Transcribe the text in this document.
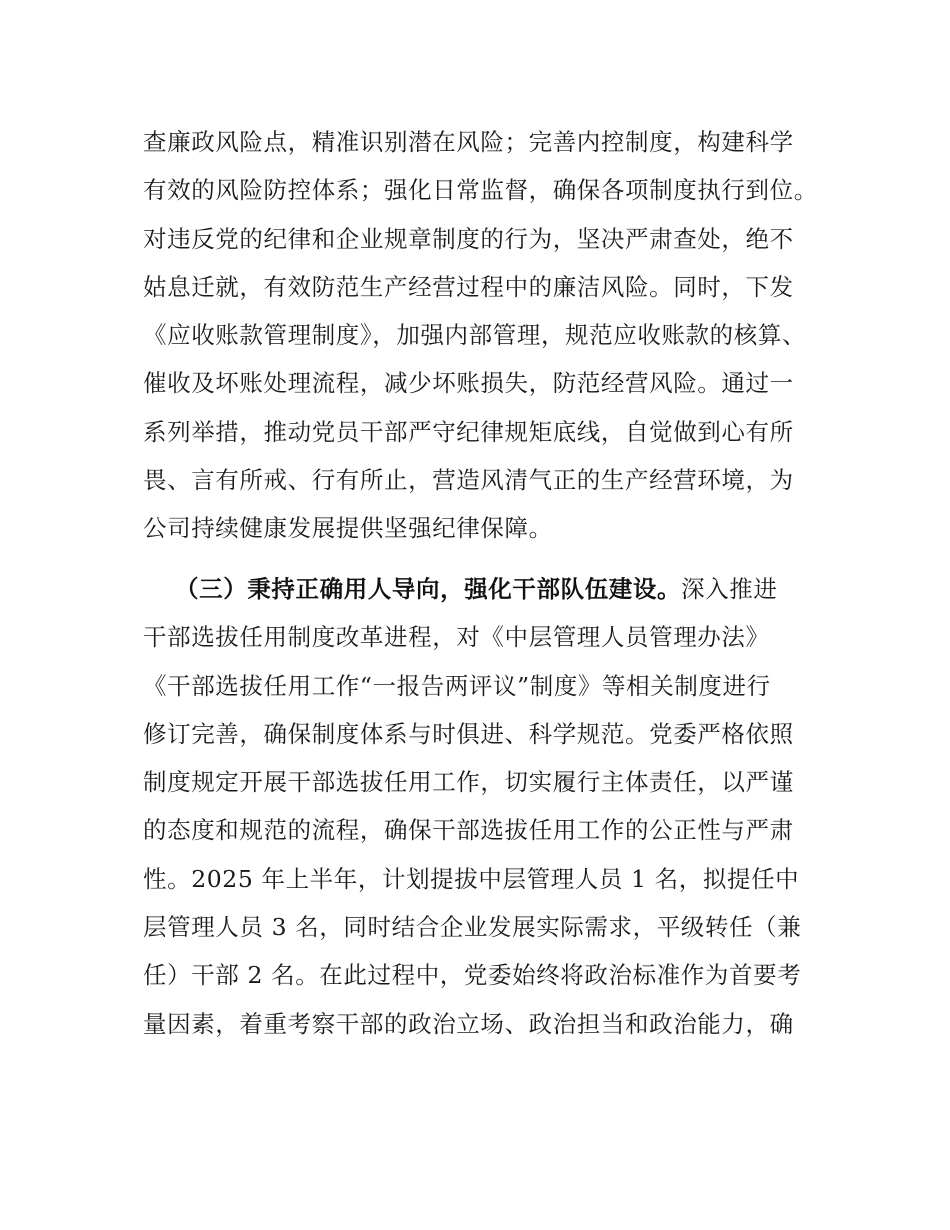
查廉政风险点，精准识别潜在风险；完善内控制度，构建科学
有效的风险防控体系；强化日常监督，确保各项制度执行到位。
对违反党的纪律和企业规章制度的行为，坚决严肃查处，绝不
姑息迁就，有效防范生产经营过程中的廉洁风险。同时，下发
《应收账款管理制度》，加强内部管理，规范应收账款的核算、
催收及坏账处理流程，减少坏账损失，防范经营风险。通过一
系列举措，推动党员干部严守纪律规矩底线，自觉做到心有所
畏、言有所戒、行有所止，营造风清气正的生产经营环境，为
公司持续健康发展提供坚强纪律保障。
（三）秉持正确用人导向，强化干部队伍建设。深入推进
干部选拔任用制度改革进程，对《中层管理人员管理办法》
《干部选拔任用工作“一报告两评议”制度》等相关制度进行
修订完善，确保制度体系与时俱进、科学规范。党委严格依照
制度规定开展干部选拔任用工作，切实履行主体责任，以严谨
的态度和规范的流程，确保干部选拔任用工作的公正性与严肃
性。2025 年上半年，计划提拔中层管理人员 1 名，拟提任中
层管理人员 3 名，同时结合企业发展实际需求，平级转任（兼
任）干部 2 名。在此过程中，党委始终将政治标准作为首要考
量因素，着重考察干部的政治立场、政治担当和政治能力，确
